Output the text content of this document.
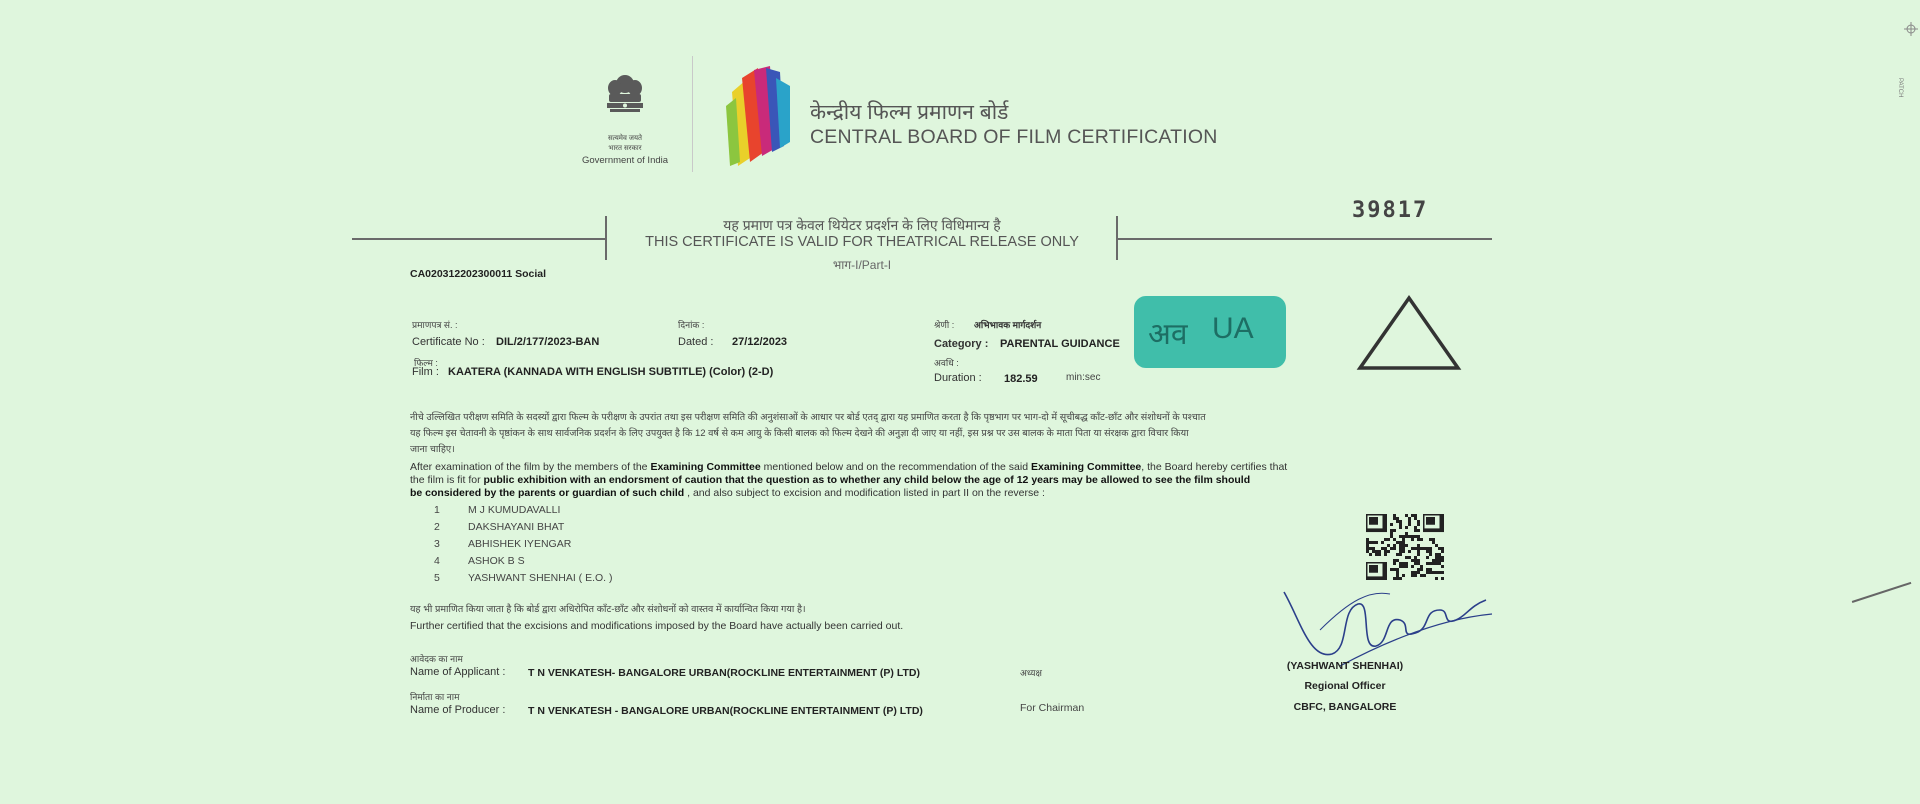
सत्यमेव जयते
भारत सरकार
Government of India
केन्द्रीय फिल्म प्रमाणन बोर्ड
CENTRAL BOARD OF FILM CERTIFICATION
39817
यह प्रमाण पत्र केवल थियेटर प्रदर्शन के लिए विधिमान्य है
THIS CERTIFICATE IS VALID FOR THEATRICAL RELEASE ONLY
भाग-I/Part-I
CA020312202300011 Social
प्रमाणपत्र सं. :
Certificate No : DIL/2/177/2023-BAN
दिनांक :
Dated : 27/12/2023
फिल्म :
Film : KAATERA (KANNADA WITH ENGLISH SUBTITLE) (Color) (2-D)
श्रेणी : अभिभावक मार्गदर्शन
Category : PARENTAL GUIDANCE
अवधि :
Duration : 182.59	min:sec
अव UA
नीचे उल्लिखित परीक्षण समिति के सदस्यों द्वारा फिल्म के परीक्षण के उपरांत तथा इस परीक्षण समिति की अनुशंसाओं के आधार पर बोर्ड एतद् द्वारा यह प्रमाणित करता है कि पृष्ठभाग पर भाग-दो में सूचीबद्ध काँट-छाँट और संशोधनों के पश्चात
यह फिल्म इस चेतावनी के पृष्ठांकन के साथ सार्वजनिक प्रदर्शन के लिए उपयुक्त है कि 12 वर्ष से कम आयु के किसी बालक को फिल्म देखने की अनुज्ञा दी जाए या नहीं, इस प्रश्न पर उस बालक के माता पिता या संरक्षक द्वारा विचार किया
जाना चाहिए।
After examination of the film by the members of the Examining Committee mentioned below and on the recommendation of the said Examining Committee, the Board hereby certifies that
the film is fit for public exhibition with an endorsment of caution that the question as to whether any child below the age of 12 years may be allowed to see the film should
be considered by the parents or guardian of such child , and also subject to excision and modification listed in part II on the reverse :
1	M J KUMUDAVALLI
2	DAKSHAYANI BHAT
3	ABHISHEK IYENGAR
4	ASHOK B S
5	YASHWANT SHENHAI ( E.O. )
यह भी प्रमाणित किया जाता है कि बोर्ड द्वारा अधिरोपित काँट-छाँट और संशोधनों को वास्तव में कार्यान्वित किया गया है।
Further certified that the excisions and modifications imposed by the Board have actually been carried out.
आवेदक का नाम
Name of Applicant : T N VENKATESH- BANGALORE URBAN(ROCKLINE ENTERTAINMENT (P) LTD)
निर्माता का नाम
Name of Producer : T N VENKATESH - BANGALORE URBAN(ROCKLINE ENTERTAINMENT (P) LTD)
अध्यक्ष
For Chairman
(YASHWANT SHENHAI)
Regional Officer
CBFC, BANGALORE
PATCH
